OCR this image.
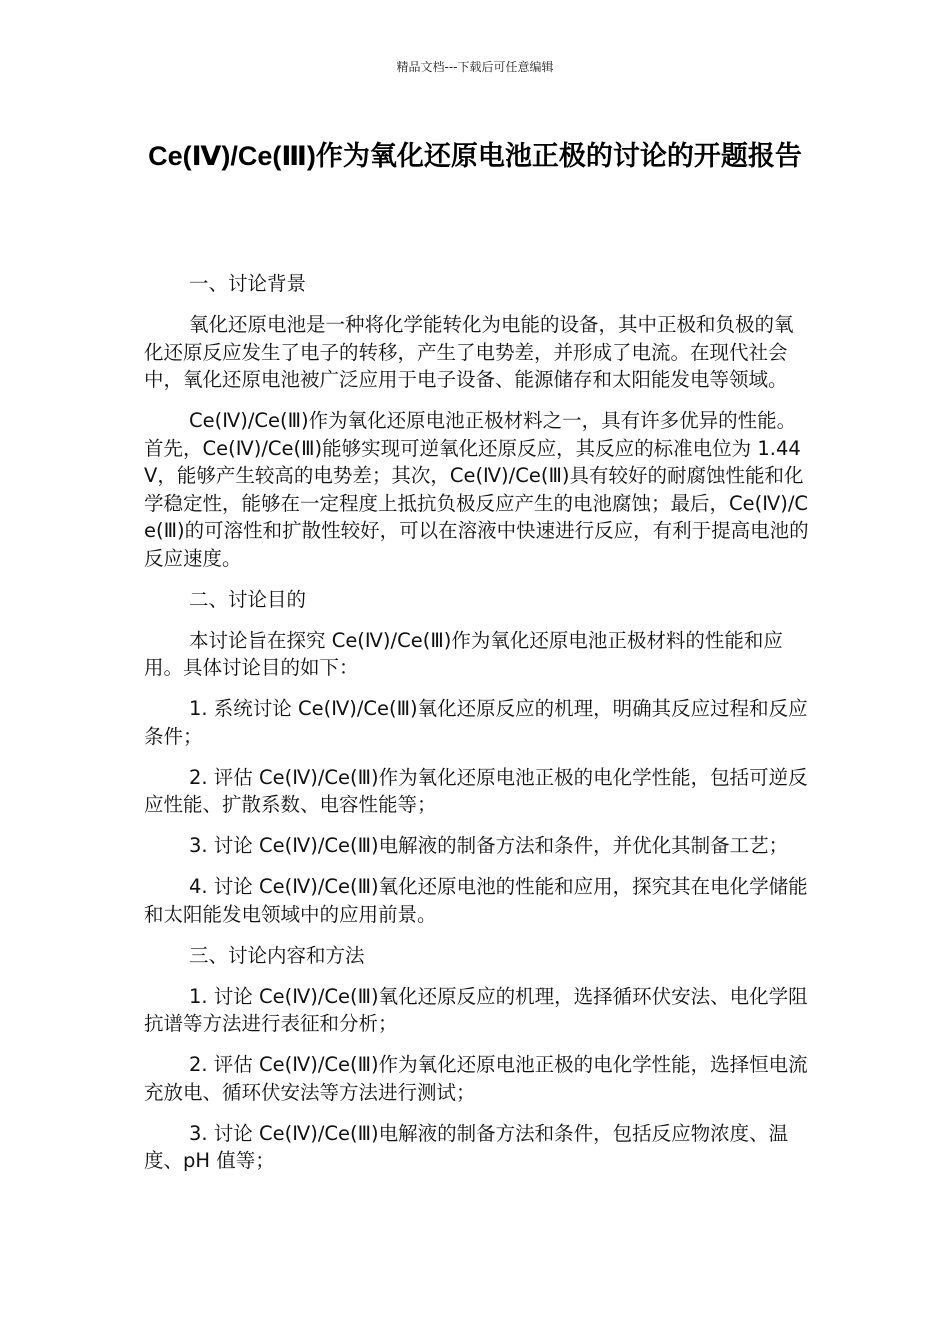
精品文档---下载后可任意编辑
Ce(Ⅳ)/Ce(Ⅲ)作为氧化还原电池正极的讨论的开题报告
一、讨论背景

氧化还原电池是一种将化学能转化为电能的设备，其中正极和负极的氧化还原反应发生了电子的转移，产生了电势差，并形成了电流。在现代社会中，氧化还原电池被广泛应用于电子设备、能源储存和太阳能发电等领域。

Ce(Ⅳ)/Ce(Ⅲ)作为氧化还原电池正极材料之一，具有许多优异的性能。首先，Ce(Ⅳ)/Ce(Ⅲ)能够实现可逆氧化还原反应，其反应的标准电位为 1.44 V，能够产生较高的电势差；其次，Ce(Ⅳ)/Ce(Ⅲ)具有较好的耐腐蚀性能和化学稳定性，能够在一定程度上抵抗负极反应产生的电池腐蚀；最后，Ce(Ⅳ)/Ce(Ⅲ)的可溶性和扩散性较好，可以在溶液中快速进行反应，有利于提高电池的反应速度。

二、讨论目的

本讨论旨在探究 Ce(Ⅳ)/Ce(Ⅲ)作为氧化还原电池正极材料的性能和应用。具体讨论目的如下：

1. 系统讨论 Ce(Ⅳ)/Ce(Ⅲ)氧化还原反应的机理，明确其反应过程和反应条件；

2. 评估 Ce(Ⅳ)/Ce(Ⅲ)作为氧化还原电池正极的电化学性能，包括可逆反应性能、扩散系数、电容性能等；

3. 讨论 Ce(Ⅳ)/Ce(Ⅲ)电解液的制备方法和条件，并优化其制备工艺；

4. 讨论 Ce(Ⅳ)/Ce(Ⅲ)氧化还原电池的性能和应用，探究其在电化学储能和太阳能发电领域中的应用前景。

三、讨论内容和方法

1. 讨论 Ce(Ⅳ)/Ce(Ⅲ)氧化还原反应的机理，选择循环伏安法、电化学阻抗谱等方法进行表征和分析；

2. 评估 Ce(Ⅳ)/Ce(Ⅲ)作为氧化还原电池正极的电化学性能，选择恒电流充放电、循环伏安法等方法进行测试；

3. 讨论 Ce(Ⅳ)/Ce(Ⅲ)电解液的制备方法和条件，包括反应物浓度、温度、pH 值等；
